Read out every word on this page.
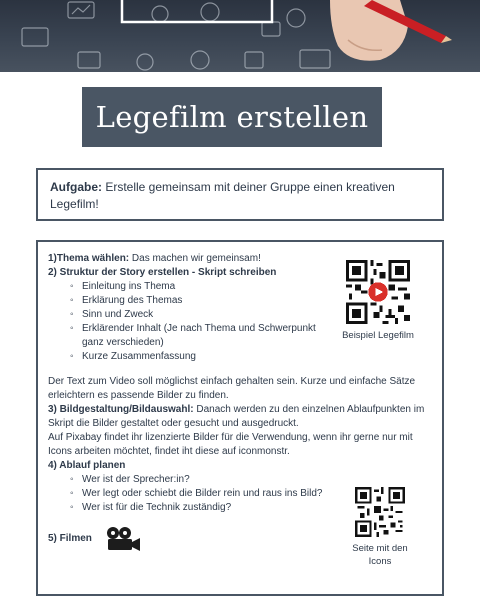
Legefilm erstellen
Aufgabe: Erstelle gemeinsam mit deiner Gruppe einen kreativen Legefilm!

1)Thema wählen: Das machen wir gemeinsam!

2) Struktur der Story erstellen - Skript schreiben

◦ Einleitung ins Thema
◦ Erklärung des Themas
◦ Sinn und Zweck
◦ Erklärender Inhalt (Je nach Thema und Schwerpunkt ganz verschieden)
◦ Kurze Zusammenfassung

Der Text zum Video soll möglichst einfach gehalten sein. Kurze und einfache Sätze erleichtern es passende Bilder zu finden.

3) Bildgestaltung/Bildauswahl: Danach werden zu den einzelnen Ablaufpunkten im Skript die Bilder gestaltet oder gesucht und ausgedruckt.

Auf Pixabay findet ihr lizenzierte Bilder für die Verwendung, wenn ihr gerne nur mit Icons arbeiten möchtet, findet iht diese auf iconmonstr.

4) Ablauf planen

◦ Wer ist der Sprecher:in?
◦ Wer legt oder schiebt die Bilder rein und raus ins Bild?
◦ Wer ist für die Technik zuständig?
5) Filmen
Beispiel Legefilm
Seite mit den Icons
